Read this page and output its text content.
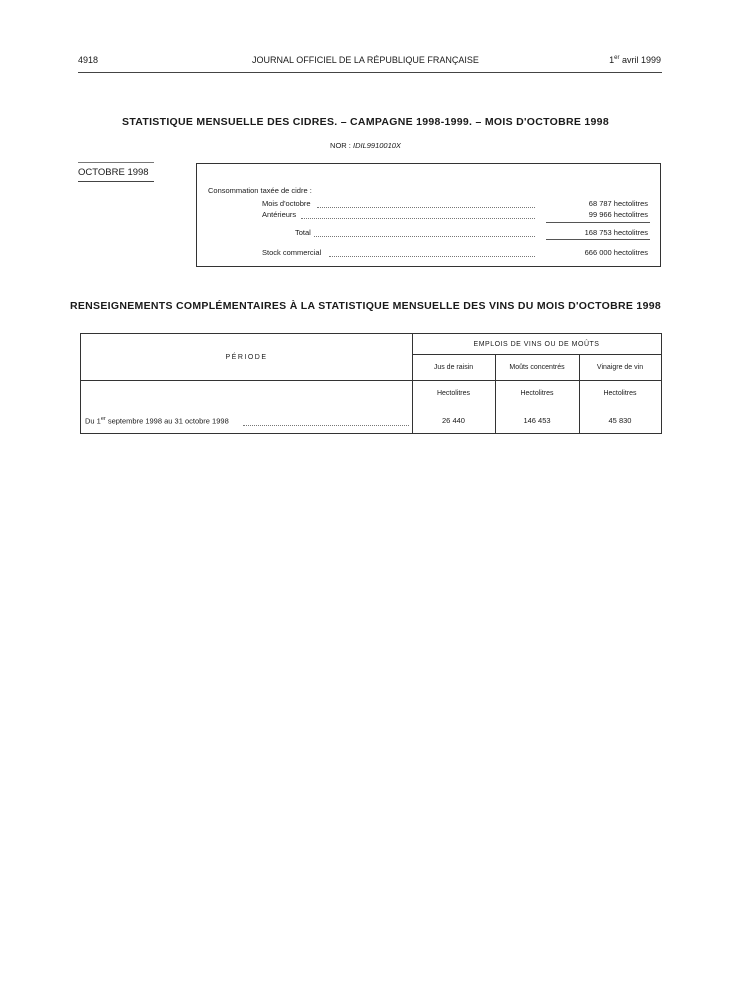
4918	JOURNAL OFFICIEL DE LA RÉPUBLIQUE FRANÇAISE	1er avril 1999
STATISTIQUE MENSUELLE DES CIDRES. – CAMPAGNE 1998-1999. – MOIS D'OCTOBRE 1998
NOR : IDIL9910010X
OCTOBRE 1998
Consommation taxée de cidre :
Mois d'octobre	68 787 hectolitres
Antérieurs	99 966 hectolitres
Total	168 753 hectolitres
Stock commercial	666 000 hectolitres
RENSEIGNEMENTS COMPLÉMENTAIRES À LA STATISTIQUE MENSUELLE DES VINS DU MOIS D'OCTOBRE 1998
PÉRIODE
EMPLOIS DE VINS OU DE MOÛTS
Jus de raisin	Moûts concentrés	Vinaigre de vin
Hectolitres	Hectolitres	Hectolitres
Du 1er septembre 1998 au 31 octobre 1998	26 440	146 453	45 830
